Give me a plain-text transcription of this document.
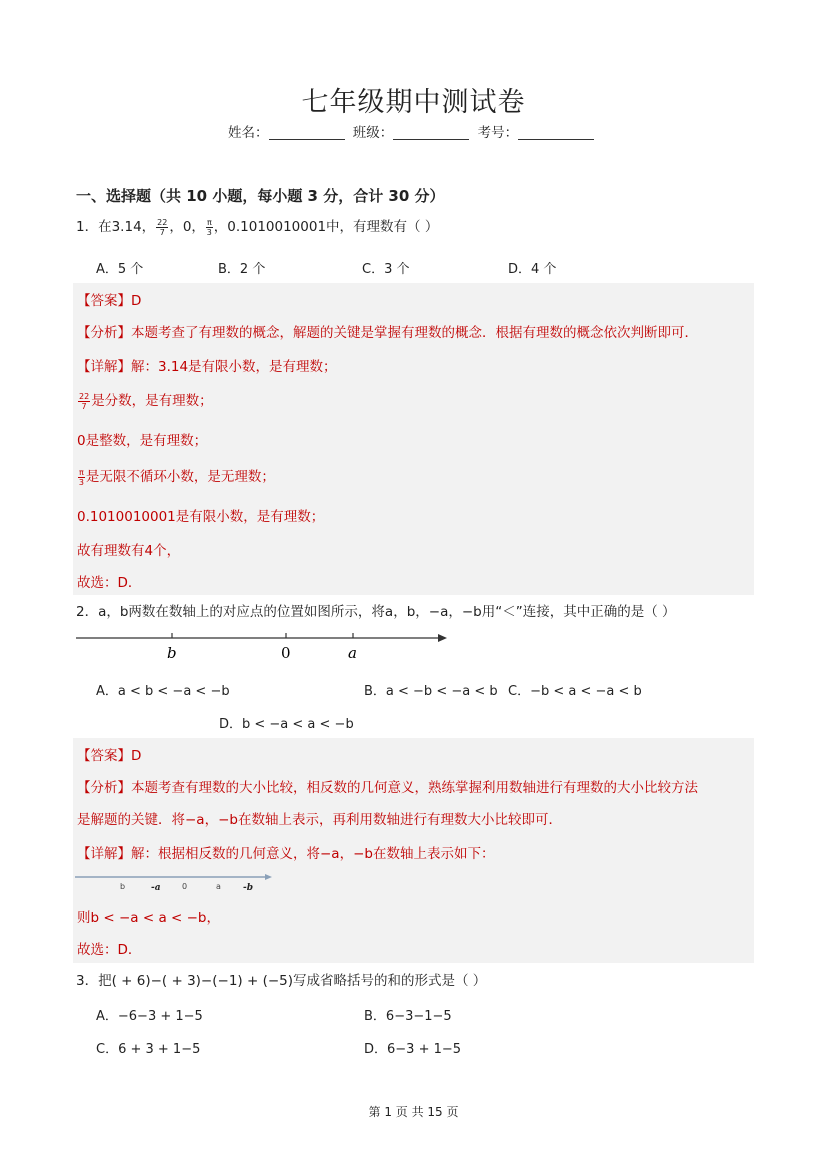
七年级期中测试卷
姓名：	班级：	考号：
一、选择题（共 10 小题，每小题 3 分，合计 30 分）
1．在3.14， $\frac{22}{7}$ ，0， $\frac{\pi}{3}$ ，0.1010010001中，有理数有（ ）
A．5 个	B．2 个	C．3 个	D．4 个
【答案】D
【分析】本题考查了有理数的概念，解题的关键是掌握有理数的概念．根据有理数的概念依次判断即可．
【详解】解：3.14是有限小数，是有理数；
$\frac{22}{7}$ 是分数，是有理数；
0是整数，是有理数；
$\frac{\pi}{3}$ 是无限不循环小数，是无理数；
0.1010010001是有限小数，是有理数；
故有理数有4个，
故选：D．
2．a，b两数在数轴上的对应点的位置如图所示，将a，b，−a，−b用“＜”连接，其中正确的是（ ）
b	0	a
A．a < b < −a < −b	B．a < −b < −a < b C．−b < a < −a < b
D．b < −a < a < −b
【答案】D
【分析】本题考查有理数的大小比较，相反数的几何意义，熟练掌握利用数轴进行有理数的大小比较方法
是解题的关键．将−a，−b在数轴上表示，再利用数轴进行有理数大小比较即可．
【详解】解：根据相反数的几何意义，将−a，−b在数轴上表示如下：
b	-a	0	a -b
则b < −a < a < −b，
故选：D．
3．把( + 6)−( + 3)−(−1) + (−5)写成省略括号的和的形式是（ ）
A．−6−3 + 1−5	B．6−3−1−5
C．6 + 3 + 1−5	D．6−3 + 1−5
第 1 页 共 15 页
